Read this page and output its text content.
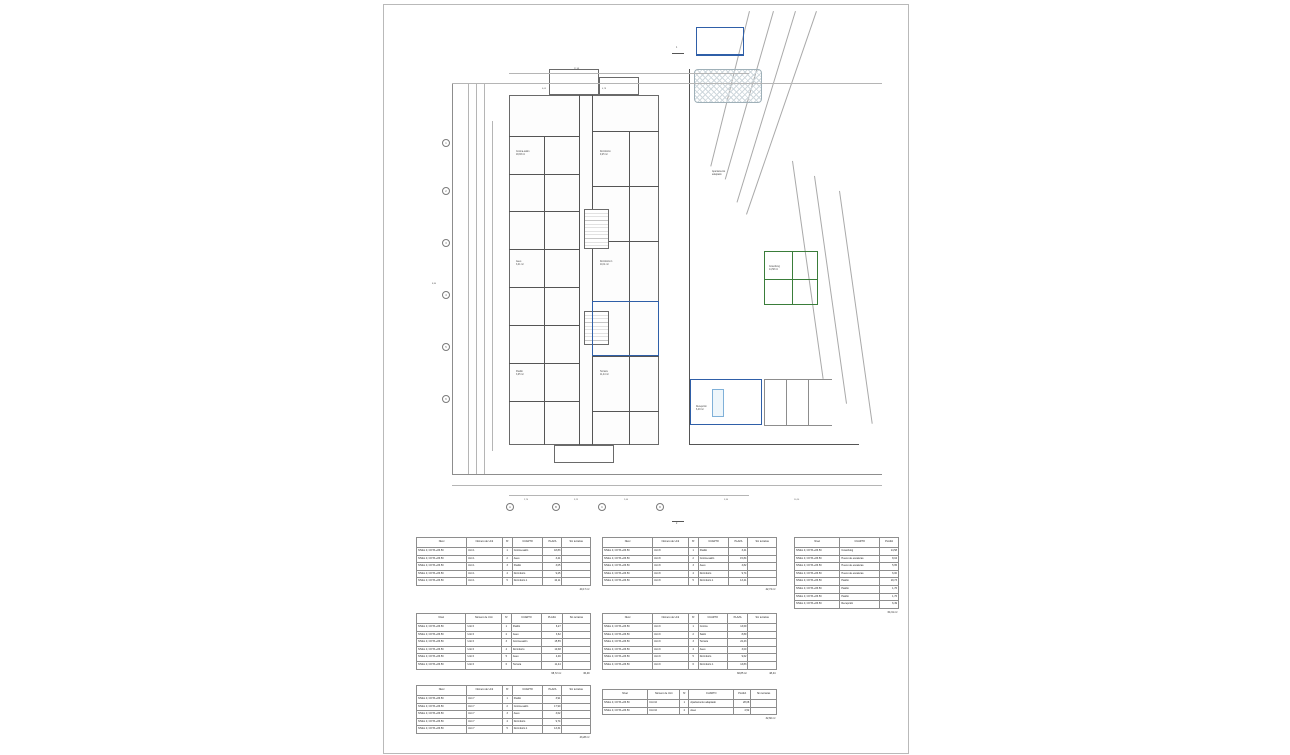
A	B	C	D
1
2
3
4
5
6
1
2
Cocina-salón
18,83 m²
Dormitorio
9,25 m²
Aseo
3,41 m²
Dormitorio 1
10,11 m²
Pasillo
3,05 m²
Terraza
11,44 m²
Coworking
14,58 m²
Recepción
6,49 m²
Apartamento
adaptado
27,08
6,05	4,78
2,70	3,25	2,60	9,30	10,10
8,80
Nivel	Número de Unit	Nº	CUARTO	PLAZA	Sin terrazas
NIVEL 0, COTA +83.50	Unit 1	1	Cocina-salón	18,83	
NIVEL 0, COTA +83.50	Unit 1	2	Aseo	3,41	
NIVEL 0, COTA +83.50	Unit 1	3	Pasillo	3,05	
NIVEL 0, COTA +83.50	Unit 1	4	Dormitorio	9,25	
NIVEL 0, COTA +83.50	Unit 1	5	Dormitorio 1	10,11	
					40,17 m²
Nivel	Número de Unit	Nº	CUARTO	PLAZA	Sin terrazas
NIVEL 0, COTA +83.50	Unit 6	1	Pasillo	6,27	
NIVEL 0, COTA +83.50	Unit 6	2	Aseo	3,62	
NIVEL 0, COTA +83.50	Unit 6	3	Cocina-salón	15,55	
NIVEL 0, COTA +83.50	Unit 6	4	Dormitorio	10,38	
NIVEL 0, COTA +83.50	Unit 6	5	Aseo	4,00	
NIVEL 0, COTA +83.50	Unit 6	6	Terraza	11,44	
				68,72 m²	36,49
Nivel	Número de Unit	Nº	CUARTO	PLAZA	Sin terrazas
NIVEL 0, COTA +83.50	Unit 7	1	Pasillo	3,91	
NIVEL 0, COTA +83.50	Unit 7	2	Cocina-salón	17,90	
NIVEL 0, COTA +83.50	Unit 7	3	Aseo	3,62	
NIVEL 0, COTA +83.50	Unit 7	4	Dormitorio	9,74	
NIVEL 0, COTA +83.50	Unit 7	5	Dormitorio 1	13,31	
					43,28 m²
Nivel	Número de Unit	Nº	CUARTO	PLAZA	Sin terrazas
NIVEL 0, COTA +83.50	Unit 8	1	Pasillo	3,41	
NIVEL 0, COTA +83.50	Unit 8	2	Cocina-salón	15,84	
NIVEL 0, COTA +83.50	Unit 8	3	Aseo	3,82	
NIVEL 0, COTA +83.50	Unit 8	4	Dormitorio	9,74	
NIVEL 0, COTA +83.50	Unit 8	5	Dormitorio 1	13,41	
					42,74 m²
Nivel	Número de Unit	Nº	CUARTO	PLAZA	Sin terrazas
NIVEL 0, COTA +83.50	Unit 9	1	Cocina	13,69	
NIVEL 0, COTA +83.50	Unit 9	2	Salón	8,89	
NIVEL 0, COTA +83.50	Unit 9	3	Terraza	22,43	
NIVEL 0, COTA +83.50	Unit 9	4	Aseo	3,00	
NIVEL 0, COTA +83.50	Unit 9	5	Dormitorio	9,62	
NIVEL 0, COTA +83.50	Unit 9	6	Dormitorio 1	13,83	
				82,85 m²	48,44
Nivel	Número de Unit	Nº	CUARTO	PLAZA	Sin terrazas
NIVEL 0, COTA +83.50	Unit 10	1	Apartamento adaptado	28,08	
NIVEL 0, COTA +83.50	Unit 10	2	Aseo	4,52	
					32,60 m²
Nivel	CUARTO	PLAZA
NIVEL 0, COTA +83.50	Coworking	14,58
NIVEL 0, COTA +83.50	Hueco de escaleras	8,04
NIVEL 0, COTA +83.50	Hueco de escaleras	5,95
NIVEL 0, COTA +83.50	Hueco de escaleras	6,00
NIVEL 0, COTA +83.50	Pasillo	19,73
NIVEL 0, COTA +83.50	Pasillo	1,76
NIVEL 0, COTA +83.50	Pasillo	1,76
NIVEL 0, COTA +83.50	Recepción	6,49
		64,31 m²
